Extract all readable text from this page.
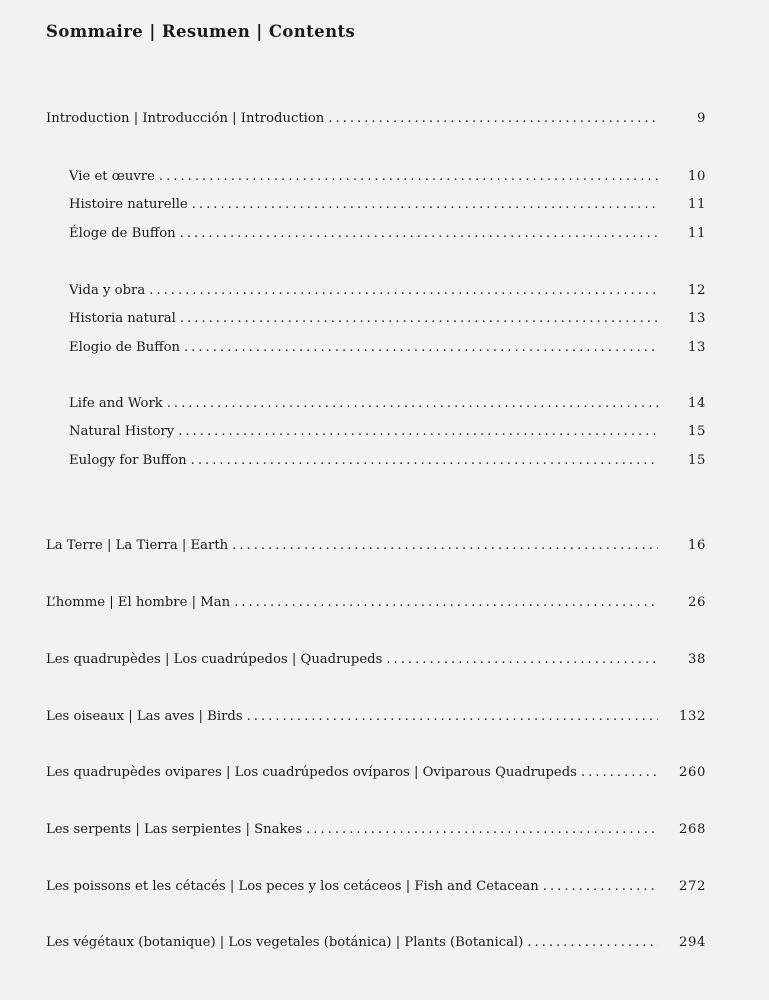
Sommaire | Resumen | Contents
Introduction | Introducción | Introduction . . .	9
Vie et œuvre . . .	10
Histoire naturelle . . .	11
Éloge de Buffon . . .	11
Vida y obra . . .	12
Historia natural . . .	13
Elogio de Buffon . . .	13
Life and Work . . .	14
Natural History . . .	15
Eulogy for Buffon . . .	15
La Terre | La Tierra | Earth . . .	16
L’homme | El hombre | Man . . .	26
Les quadrupèdes | Los cuadrúpedos | Quadrupeds . . .	38
Les oiseaux | Las aves | Birds . . .	132
Les quadrupèdes ovipares | Los cuadrúpedos ovíparos | Oviparous Quadrupeds . . .	260
Les serpents | Las serpientes | Snakes . . .	268
Les poissons et les cétacés | Los peces y los cetáceos | Fish and Cetacean . . .	272
Les végétaux (botanique) | Los vegetales (botánica) | Plants (Botanical) . . .	294
